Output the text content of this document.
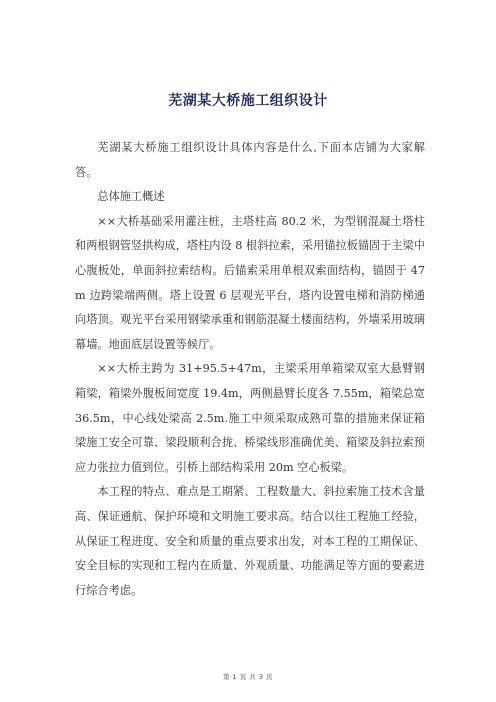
芜湖某大桥施工组织设计

芜湖某大桥施工组织设计具体内容是什么,下面本店铺为大家解答。

总体施工概述

××大桥基础采用灌注桩，主塔柱高 80.2 米，为型钢混凝土塔柱和两根钢管竖拱构成，塔柱内设 8 根斜拉索，采用锚拉板锚固于主梁中心腹板处，单面斜拉索结构。后锚索采用单根双索面结构，锚固于 47m 边跨梁端两侧。塔上设置 6 层观光平台，塔内设置电梯和消防梯通向塔顶。观光平台采用钢梁承重和钢筋混凝土楼面结构，外墙采用玻璃幕墙。地面底层设置等候厅。

××大桥主跨为 31+95.5+47m，主梁采用单箱梁双室大悬臂钢箱梁，箱梁外腹板间宽度 19.4m，两侧悬臂长度各 7.55m，箱梁总宽 36.5m，中心线处梁高 2.5m.施工中须采取成熟可靠的措施来保证箱梁施工安全可靠、梁段顺利合拢、桥梁线形准确优美、箱梁及斜拉索预应力张拉力值到位。引桥上部结构采用 20m 空心板梁。

本工程的特点、难点是工期紧、工程数量大、斜拉索施工技术含量高、保证通航、保护环境和文明施工要求高。结合以往工程施工经验，从保证工程进度、安全和质量的重点要求出发，对本工程的工期保证、安全目标的实现和工程内在质量、外观质量、功能满足等方面的要素进行综合考虑。

第 1 页 共 3 页
